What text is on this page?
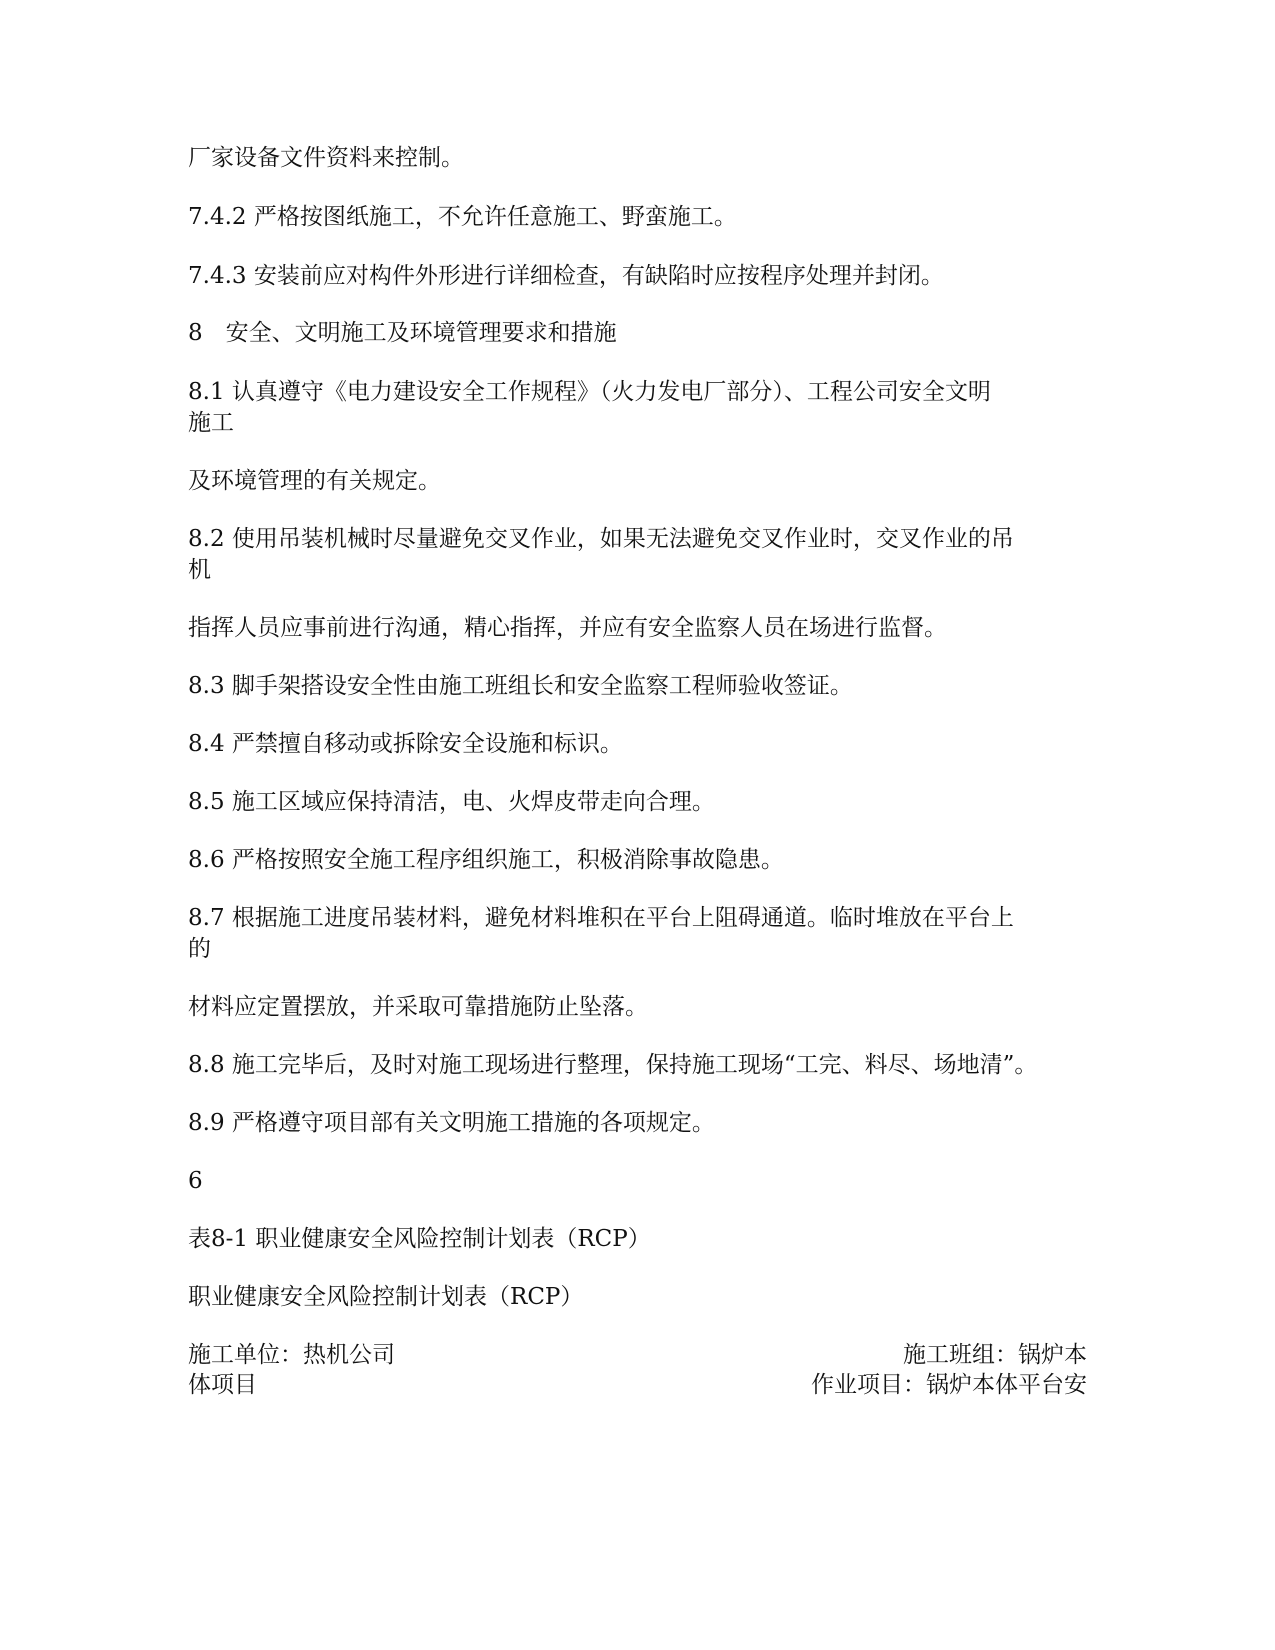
厂家设备文件资料来控制。
7.4.2 严格按图纸施工，不允许任意施工、野蛮施工。
7.4.3 安装前应对构件外形进行详细检查，有缺陷时应按程序处理并封闭。
8　安全、文明施工及环境管理要求和措施
8.1 认真遵守《电力建设安全工作规程》（火力发电厂部分）、工程公司安全文明
施工
及环境管理的有关规定。
8.2 使用吊装机械时尽量避免交叉作业，如果无法避免交叉作业时，交叉作业的吊
机
指挥人员应事前进行沟通，精心指挥，并应有安全监察人员在场进行监督。
8.3 脚手架搭设安全性由施工班组长和安全监察工程师验收签证。
8.4 严禁擅自移动或拆除安全设施和标识。
8.5 施工区域应保持清洁，电、火焊皮带走向合理。
8.6 严格按照安全施工程序组织施工，积极消除事故隐患。
8.7 根据施工进度吊装材料，避免材料堆积在平台上阻碍通道。临时堆放在平台上
的
材料应定置摆放，并采取可靠措施防止坠落。
8.8 施工完毕后，及时对施工现场进行整理，保持施工现场“工完、料尽、场地清”。
8.9 严格遵守项目部有关文明施工措施的各项规定。
6
表8-1 职业健康安全风险控制计划表（RCP）
职业健康安全风险控制计划表（RCP）
施工单位：热机公司	施工班组：锅炉本
体项目	作业项目：锅炉本体平台安
